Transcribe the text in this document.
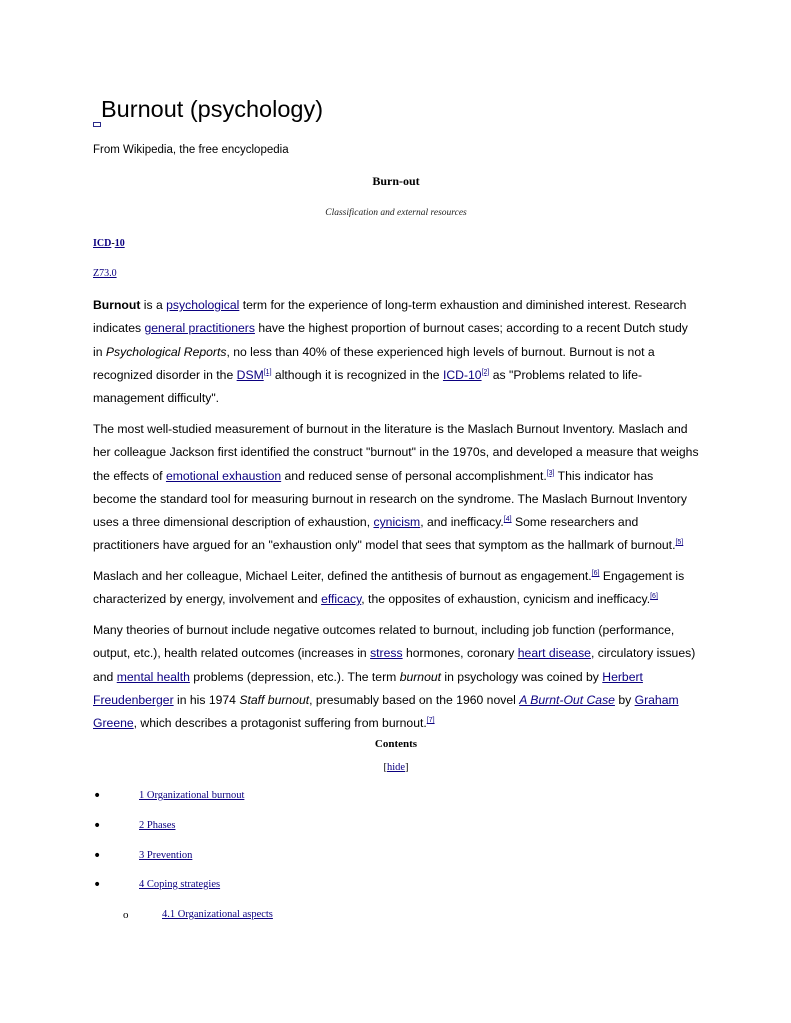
Burnout (psychology)
From Wikipedia, the free encyclopedia
Burn-out
Classification and external resources
ICD-10
Z73.0

Burnout is a psychological term for the experience of long-term exhaustion and diminished interest. Research indicates general practitioners have the highest proportion of burnout cases; according to a recent Dutch study in Psychological Reports, no less than 40% of these experienced high levels of burnout. Burnout is not a recognized disorder in the DSM[1] although it is recognized in the ICD-10[2] as "Problems related to life-management difficulty".

The most well-studied measurement of burnout in the literature is the Maslach Burnout Inventory. Maslach and her colleague Jackson first identified the construct "burnout" in the 1970s, and developed a measure that weighs the effects of emotional exhaustion and reduced sense of personal accomplishment.[3] This indicator has become the standard tool for measuring burnout in research on the syndrome. The Maslach Burnout Inventory uses a three dimensional description of exhaustion, cynicism, and inefficacy.[4] Some researchers and practitioners have argued for an "exhaustion only" model that sees that symptom as the hallmark of burnout.[5]

Maslach and her colleague, Michael Leiter, defined the antithesis of burnout as engagement.[6] Engagement is characterized by energy, involvement and efficacy, the opposites of exhaustion, cynicism and inefficacy.[6]

Many theories of burnout include negative outcomes related to burnout, including job function (performance, output, etc.), health related outcomes (increases in stress hormones, coronary heart disease, circulatory issues) and mental health problems (depression, etc.). The term burnout in psychology was coined by Herbert Freudenberger in his 1974 Staff burnout, presumably based on the 1960 novel A Burnt-Out Case by Graham Greene, which describes a protagonist suffering from burnout.[7]

Contents
[hide]
•	1 Organizational burnout
•	2 Phases
•	3 Prevention
•	4 Coping strategies
o	4.1 Organizational aspects
